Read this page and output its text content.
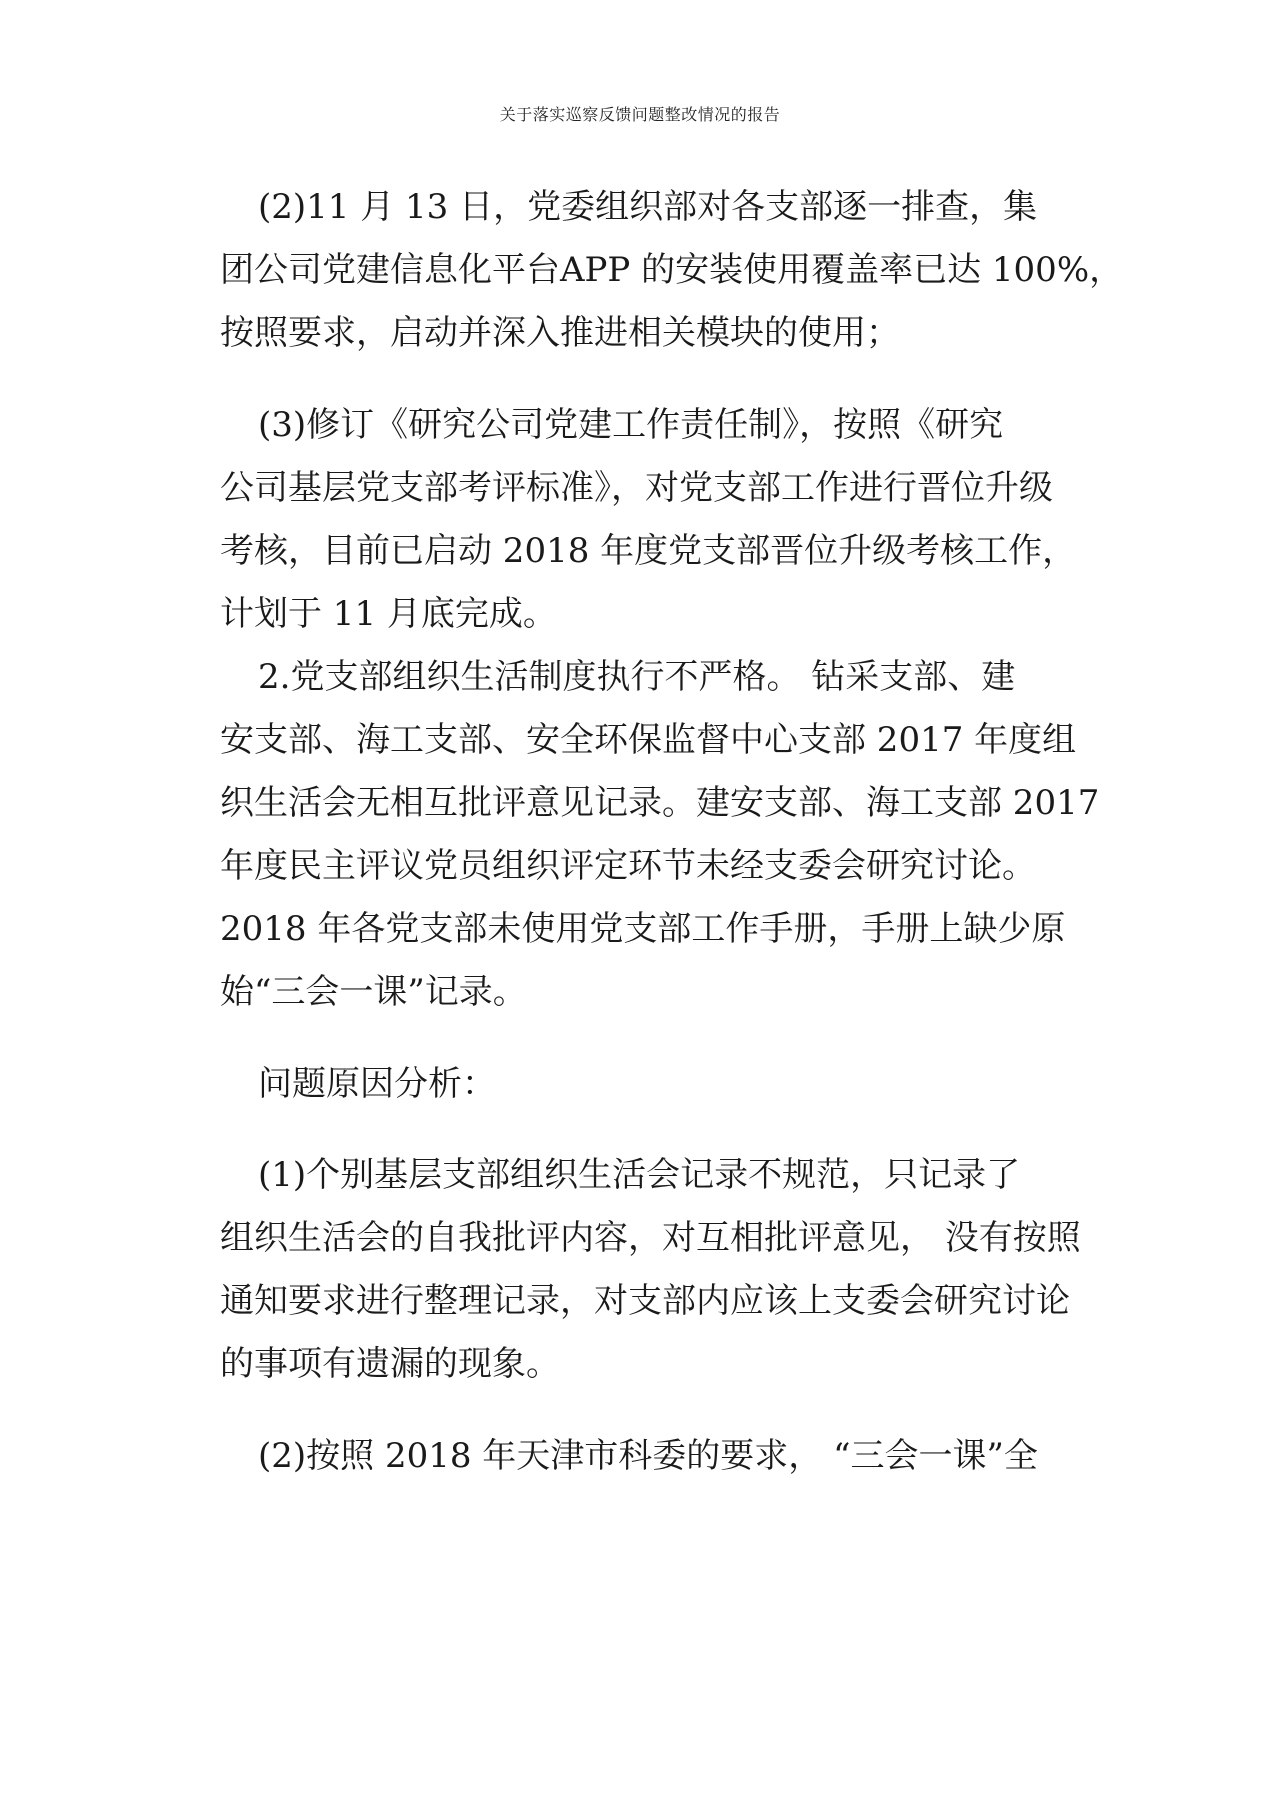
关于落实巡察反馈问题整改情况的报告
(2)11 月 13 日，党委组织部对各支部逐一排查，集
团公司党建信息化平台APP 的安装使用覆盖率已达 100%，
按照要求，启动并深入推进相关模块的使用；
(3)修订《研究公司党建工作责任制》，按照《研究
公司基层党支部考评标准》，对党支部工作进行晋位升级
考核，目前已启动 2018 年度党支部晋位升级考核工作，
计划于 11 月底完成。
2.党支部组织生活制度执行不严格。 钻采支部、建
安支部、海工支部、安全环保监督中心支部 2017 年度组
织生活会无相互批评意见记录。建安支部、海工支部 2017
年度民主评议党员组织评定环节未经支委会研究讨论。
2018 年各党支部未使用党支部工作手册，手册上缺少原
始“三会一课”记录。
问题原因分析：
(1)个别基层支部组织生活会记录不规范，只记录了
组织生活会的自我批评内容，对互相批评意见， 没有按照
通知要求进行整理记录，对支部内应该上支委会研究讨论
的事项有遗漏的现象。
(2)按照 2018 年天津市科委的要求， “三会一课”全
